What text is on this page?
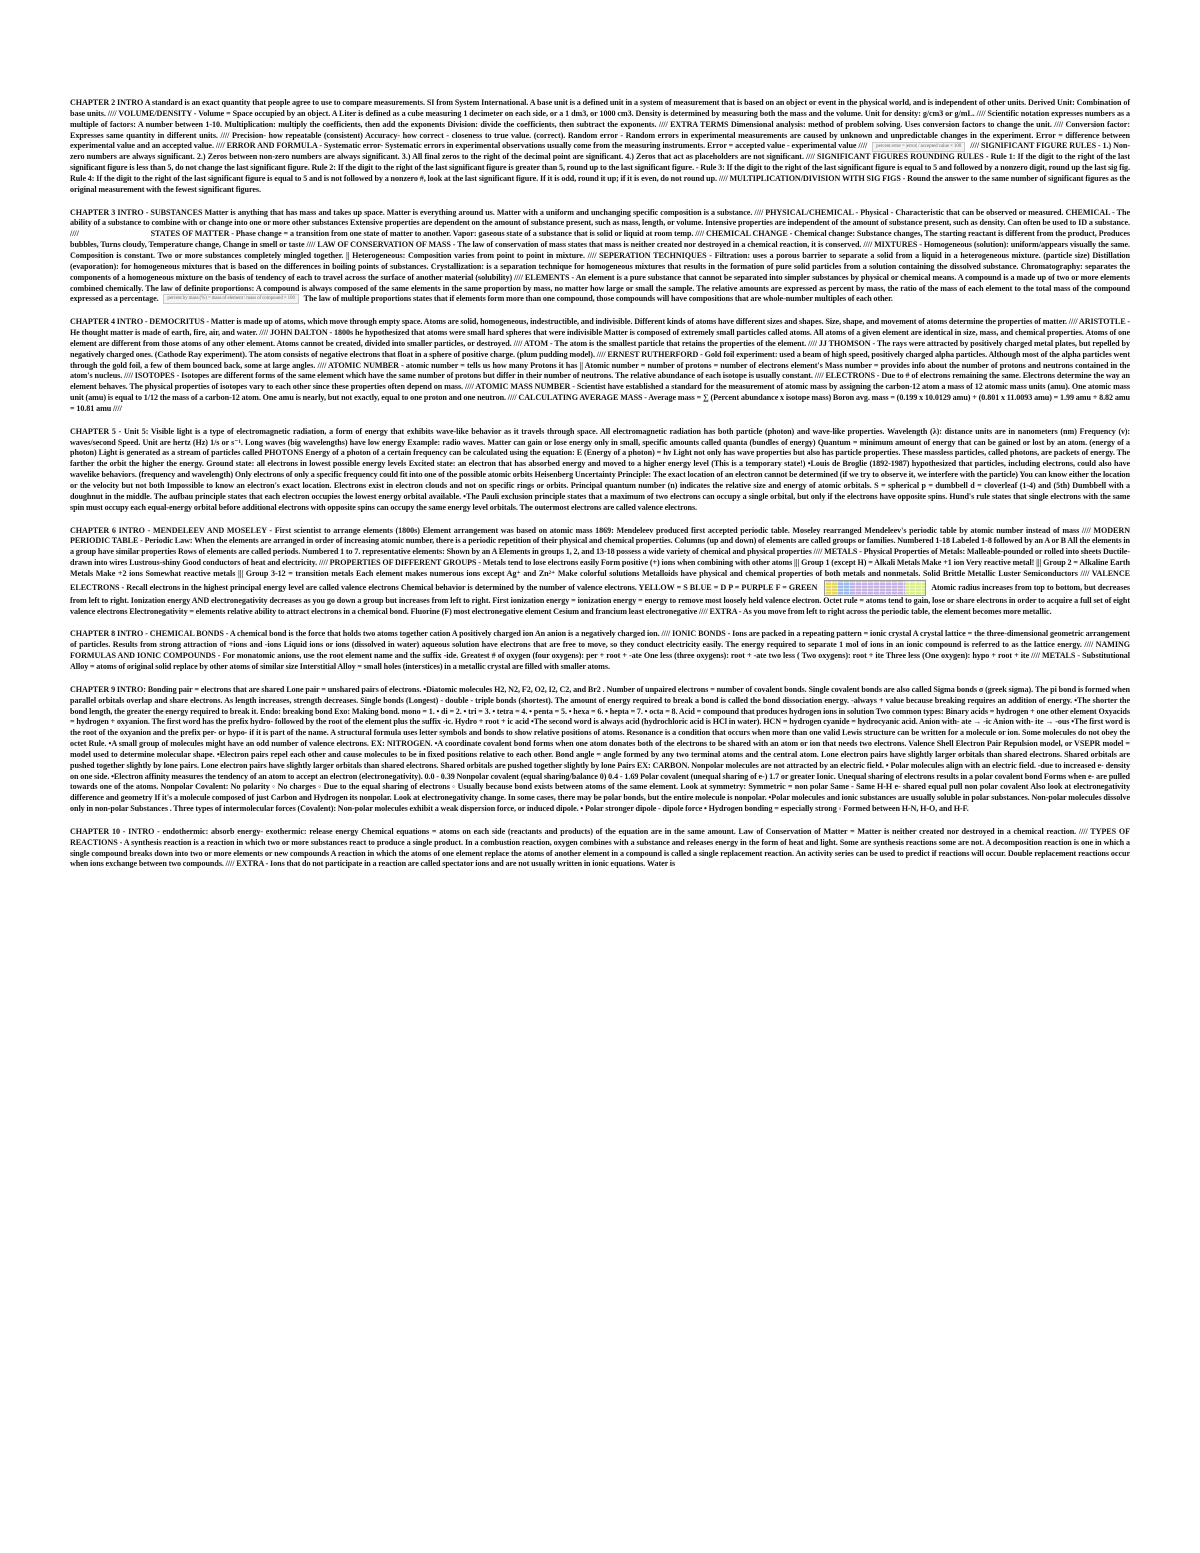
CHAPTER 2 INTRO A standard is an exact quantity that people agree to use to compare measurements. SI from System International. A base unit is a defined unit in a system of measurement that is based on an object or event in the physical world, and is independent of other units. Derived Unit: Combination of base units. //// VOLUME/DENSITY - Volume = Space occupied by an object. A Liter is defined as a cube measuring 1 decimeter on each side, or a 1 dm3, or 1000 cm3. Density is determined by measuring both the mass and the volume. Unit for density: g/cm3 or g/mL. //// Scientific notation expresses numbers as a multiple of factors: A number between 1-10. Multiplication: multiply the coefficients, then add the exponents Division: divide the coefficients, then subtract the exponents. //// EXTRA TERMS Dimensional analysis: method of problem solving. Uses conversion factors to change the unit. //// Conversion factor: Expresses same quantity in different units. //// Precision- how repeatable (consistent) Accuracy- how correct - closeness to true value. (correct). Random error - Random errors in experimental measurements are caused by unknown and unpredictable changes in the experiment. Error = difference between experimental value and an accepted value. //// ERROR AND FORMULA - Systematic error- Systematic errors in experimental observations usually come from the measuring instruments. Error = accepted value - experimental value //// percent error = |error| / accepted value × 100 //// SIGNIFICANT FIGURE RULES - 1.) Non-zero numbers are always significant. 2.) Zeros between non-zero numbers are always significant. 3.) All final zeros to the right of the decimal point are significant. 4.) Zeros that act as placeholders are not significant. //// SIGNIFICANT FIGURES ROUNDING RULES - Rule 1: If the digit to the right of the last significant figure is less than 5, do not change the last significant figure. Rule 2: If the digit to the right of the last significant figure is greater than 5, round up to the last significant figure. - Rule 3: If the digit to the right of the last significant figure is equal to 5 and followed by a nonzero digit, round up the last sig fig. Rule 4: If the digit to the right of the last significant figure is equal to 5 and is not followed by a nonzero #, look at the last significant figure. If it is odd, round it up; if it is even, do not round up. //// MULTIPLICATION/DIVISION WITH SIG FIGS - Round the answer to the same number of significant figures as the original measurement with the fewest significant figures.

CHAPTER 3 INTRO - SUBSTANCES Matter is anything that has mass and takes up space. Matter is everything around us. Matter with a uniform and unchanging specific composition is a substance. //// PHYSICAL/CHEMICAL - Physical - Characteristic that can be observed or measured. CHEMICAL - The ability of a substance to combine with or change into one or more other substances Extensive properties are dependent on the amount of substance present, such as mass, length, or volume. Intensive properties are independent of the amount of substance present, such as density. Can often be used to ID a substance. ////	STATES OF MATTER - Phase change = a transition from one state of matter to another. Vapor: gaseous state of a substance that is solid or liquid at room temp. //// CHEMICAL CHANGE - Chemical change: Substance changes, The starting reactant is different from the product, Produces bubbles, Turns cloudy, Temperature change, Change in smell or taste //// LAW OF CONSERVATION OF MASS - The law of conservation of mass states that mass is neither created nor destroyed in a chemical reaction, it is conserved. //// MIXTURES - Homogeneous (solution): uniform/appears visually the same. Composition is constant. Two or more substances completely mingled together. || Heterogeneous: Composition varies from point to point in mixture. //// SEPERATION TECHNIQUES - Filtration: uses a porous barrier to separate a solid from a liquid in a heterogeneous mixture. (particle size) Distillation (evaporation): for homogeneous mixtures that is based on the differences in boiling points of substances. Crystallization: is a separation technique for homogeneous mixtures that results in the formation of pure solid particles from a solution containing the dissolved substance. Chromatography: separates the components of a homogeneous mixture on the basis of tendency of each to travel across the surface of another material (solubility) //// ELEMENTS - An element is a pure substance that cannot be separated into simpler substances by physical or chemical means. A compound is a made up of two or more elements combined chemically. The law of definite proportions: A compound is always composed of the same elements in the same proportion by mass, no matter how large or small the sample. The relative amounts are expressed as percent by mass, the ratio of the mass of each element to the total mass of the compound expressed as a percentage. percent by mass (%) = mass of element / mass of compound × 100 The law of multiple proportions states that if elements form more than one compound, those compounds will have compositions that are whole-number multiples of each other.

CHAPTER 4 INTRO - DEMOCRITUS - Matter is made up of atoms, which move through empty space. Atoms are solid, homogeneous, indestructible, and indivisible. Different kinds of atoms have different sizes and shapes. Size, shape, and movement of atoms determine the properties of matter. //// ARISTOTLE - He thought matter is made of earth, fire, air, and water. //// JOHN DALTON - 1800s he hypothesized that atoms were small hard spheres that were indivisible Matter is composed of extremely small particles called atoms. All atoms of a given element are identical in size, mass, and chemical properties. Atoms of one element are different from those atoms of any other element. Atoms cannot be created, divided into smaller particles, or destroyed. //// ATOM - The atom is the smallest particle that retains the properties of the element. //// JJ THOMSON - The rays were attracted by positively charged metal plates, but repelled by negatively charged ones. (Cathode Ray experiment). The atom consists of negative electrons that float in a sphere of positive charge. (plum pudding model). //// ERNEST RUTHERFORD - Gold foil experiment: used a beam of high speed, positively charged alpha particles. Although most of the alpha particles went through the gold foil, a few of them bounced back, some at large angles. //// ATOMIC NUMBER - atomic number = tells us how many Protons it has || Atomic number = number of protons = number of electrons element's Mass number = provides info about the number of protons and neutrons contained in the atom's nucleus. //// ISOTOPES - Isotopes are different forms of the same element which have the same number of protons but differ in their number of neutrons. The relative abundance of each isotope is usually constant. //// ELECTRONS - Due to # of electrons remaining the same. Electrons determine the way an element behaves. The physical properties of isotopes vary to each other since these properties often depend on mass. //// ATOMIC MASS NUMBER - Scientist have established a standard for the measurement of atomic mass by assigning the carbon-12 atom a mass of 12 atomic mass units (amu). One atomic mass unit (amu) is equal to 1/12 the mass of a carbon-12 atom. One amu is nearly, but not exactly, equal to one proton and one neutron. //// CALCULATING AVERAGE MASS - Average mass = ∑ (Percent abundance x isotope mass) Boron avg. mass = (0.199 x 10.0129 amu) + (0.801 x 11.0093 amu) = 1.99 amu + 8.82 amu = 10.81 amu ////

CHAPTER 5 - Unit 5: Visible light is a type of electromagnetic radiation, a form of energy that exhibits wave-like behavior as it travels through space. All electromagnetic radiation has both particle (photon) and wave-like properties. Wavelength (λ): distance units are in nanometers (nm) Frequency (ν): waves/second Speed. Unit are hertz (Hz) 1/s or s⁻¹. Long waves (big wavelengths) have low energy Example: radio waves. Matter can gain or lose energy only in small, specific amounts called quanta (bundles of energy) Quantum = minimum amount of energy that can be gained or lost by an atom. (energy of a photon) Light is generated as a stream of particles called PHOTONS Energy of a photon of a certain frequency can be calculated using the equation: E (Energy of a photon) = hν Light not only has wave properties but also has particle properties. These massless particles, called photons, are packets of energy. The farther the orbit the higher the energy. Ground state: all electrons in lowest possible energy levels Excited state: an electron that has absorbed energy and moved to a higher energy level (This is a temporary state!) •Louis de Broglie (1892-1987) hypothesized that particles, including electrons, could also have wavelike behaviors. (frequency and wavelength) Only electrons of only a specific frequency could fit into one of the possible atomic orbits Heisenberg Uncertainty Principle: The exact location of an electron cannot be determined (if we try to observe it, we interfere with the particle) You can know either the location or the velocity but not both Impossible to know an electron's exact location. Electrons exist in electron clouds and not on specific rings or orbits. Principal quantum number (n) indicates the relative size and energy of atomic orbitals. S = spherical p = dumbbell d = cloverleaf (1-4) and (5th) Dumbbell with a doughnut in the middle. The aufbau principle states that each electron occupies the lowest energy orbital available. •The Pauli exclusion principle states that a maximum of two electrons can occupy a single orbital, but only if the electrons have opposite spins. Hund's rule states that single electrons with the same spin must occupy each equal-energy orbital before additional electrons with opposite spins can occupy the same energy level orbitals. The outermost electrons are called valence electrons.

CHAPTER 6 INTRO - MENDELEEV AND MOSELEY - First scientist to arrange elements (1800s) Element arrangement was based on atomic mass 1869: Mendeleev produced first accepted periodic table. Moseley rearranged Mendeleev's periodic table by atomic number instead of mass //// MODERN PERIODIC TABLE - Periodic Law: When the elements are arranged in order of increasing atomic number, there is a periodic repetition of their physical and chemical properties. Columns (up and down) of elements are called groups or families. Numbered 1-18 Labeled 1-8 followed by an A or B All the elements in a group have similar properties Rows of elements are called periods. Numbered 1 to 7. representative elements: Shown by an A Elements in groups 1, 2, and 13-18 possess a wide variety of chemical and physical properties //// METALS - Physical Properties of Metals: Malleable-pounded or rolled into sheets Ductile-drawn into wires Lustrous-shiny Good conductors of heat and electricity. //// PROPERTIES OF DIFFERENT GROUPS - Metals tend to lose electrons easily Form positive (+) ions when combining with other atoms ||| Group 1 (except H) = Alkali Metals Make +1 ion Very reactive metal! ||| Group 2 = Alkaline Earth Metals Make +2 ions Somewhat reactive metals ||| Group 3-12 = transition metals Each element makes numerous ions except Ag⁺ and Zn²⁺ Make colorful solutions Metalloids have physical and chemical properties of both metals and nonmetals. Solid Brittle Metallic Luster Semiconductors //// VALENCE ELECTRONS - Recall electrons in the highest principal energy level are called valence electrons Chemical behavior is determined by the number of valence electrons. YELLOW = S BLUE = D P = PURPLE F = GREEN	Atomic radius increases from top to bottom, but decreases from left to right. Ionization energy AND electronegativity decreases as you go down a group but increases from left to right. First ionization energy = ionization energy = energy to remove most loosely held valence electron. Octet rule = atoms tend to gain, lose or share electrons in order to acquire a full set of eight valence electrons Electronegativity = elements relative ability to attract electrons in a chemical bond. Fluorine (F) most electronegative element Cesium and francium least electronegative //// EXTRA - As you move from left to right across the periodic table, the element becomes more metallic.

CHAPTER 8 INTRO - CHEMICAL BONDS - A chemical bond is the force that holds two atoms together cation A positively charged ion An anion is a negatively charged ion. //// IONIC BONDS - Ions are packed in a repeating pattern = ionic crystal A crystal lattice = the three-dimensional geometric arrangement of particles. Results from strong attraction of +ions and -ions Liquid ions or ions (dissolved in water) aqueous solution have electrons that are free to move, so they conduct electricity easily. The energy required to separate 1 mol of ions in an ionic compound is referred to as the lattice energy. //// NAMING FORMULAS AND IONIC COMPOUNDS - For monatomic anions, use the root element name and the suffix -ide. Greatest # of oxygen (four oxygens): per + root + -ate One less (three oxygens): root + -ate two less ( Two oxygens): root + ite Three less (One oxygen): hypo + root + ite //// METALS - Substitutional Alloy = atoms of original solid replace by other atoms of similar size Interstitial Alloy = small holes (interstices) in a metallic crystal are filled with smaller atoms.

CHAPTER 9 INTRO: Bonding pair = electrons that are shared Lone pair = unshared pairs of electrons. •Diatomic molecules H2, N2, F2, O2, I2, C2, and Br2 . Number of unpaired electrons = number of covalent bonds. Single covalent bonds are also called Sigma bonds σ (greek sigma). The pi bond is formed when parallel orbitals overlap and share electrons. As length increases, strength decreases. Single bonds (Longest) - double - triple bonds (shortest). The amount of energy required to break a bond is called the bond dissociation energy. -always + value because breaking requires an addition of energy. •The shorter the bond length, the greater the energy required to break it. Endo: breaking bond Exo: Making bond. mono = 1. • di = 2. • tri = 3. • tetra = 4. • penta = 5. • hexa = 6. • hepta = 7. • octa = 8. Acid = compound that produces hydrogen ions in solution Two common types: Binary acids = hydrogen + one other element Oxyacids = hydrogen + oxyanion. The first word has the prefix hydro- followed by the root of the element plus the suffix -ic. Hydro + root + ic acid •The second word is always acid (hydrochloric acid is HCl in water). HCN = hydrogen cyanide = hydrocyanic acid. Anion with- ate → -ic Anion with- ite → -ous •The first word is the root of the oxyanion and the prefix per- or hypo- if it is part of the name. A structural formula uses letter symbols and bonds to show relative positions of atoms. Resonance is a condition that occurs when more than one valid Lewis structure can be written for a molecule or ion. Some molecules do not obey the octet Rule. •A small group of molecules might have an odd number of valence electrons. EX: NITROGEN. •A coordinate covalent bond forms when one atom donates both of the electrons to be shared with an atom or ion that needs two electrons. Valence Shell Electron Pair Repulsion model, or VSEPR model = model used to determine molecular shape. •Electron pairs repel each other and cause molecules to be in fixed positions relative to each other. Bond angle = angle formed by any two terminal atoms and the central atom. Lone electron pairs have slightly larger orbitals than shared electrons. Shared orbitals are pushed together slightly by lone pairs. Lone electron pairs have slightly larger orbitals than shared electrons. Shared orbitals are pushed together slightly by lone Pairs EX: CARBON. Nonpolar molecules are not attracted by an electric field. • Polar molecules align with an electric field. -due to increased e- density on one side. •Electron affinity measures the tendency of an atom to accept an electron (electronegativity). 0.0 - 0.39 Nonpolar covalent (equal sharing/balance 0) 0.4 - 1.69 Polar covalent (unequal sharing of e-) 1.7 or greater Ionic. Unequal sharing of electrons results in a polar covalent bond Forms when e- are pulled towards one of the atoms. Nonpolar Covalent: No polarity ◦ No charges ◦ Due to the equal sharing of electrons ◦ Usually because bond exists between atoms of the same element. Look at symmetry: Symmetric = non polar Same - Same H-H e- shared equal pull non polar covalent Also look at electronegativity difference and geometry If it's a molecule composed of just Carbon and Hydrogen its nonpolar. Look at electronegativity change. In some cases, there may be polar bonds, but the entire molecule is nonpolar. •Polar molecules and ionic substances are usually soluble in polar substances. Non-polar molecules dissolve only in non-polar Substances . Three types of intermolecular forces (Covalent): Non-polar molecules exhibit a weak dispersion force, or induced dipole. • Polar stronger dipole - dipole force • Hydrogen bonding = especially strong ◦ Formed between H-N, H-O, and H-F.

CHAPTER 10 - INTRO - endothermic: absorb energy- exothermic: release energy Chemical equations = atoms on each side (reactants and products) of the equation are in the same amount. Law of Conservation of Matter = Matter is neither created nor destroyed in a chemical reaction. //// TYPES OF REACTIONS - A synthesis reaction is a reaction in which two or more substances react to produce a single product. In a combustion reaction, oxygen combines with a substance and releases energy in the form of heat and light. Some are synthesis reactions some are not. A decomposition reaction is one in which a single compound breaks down into two or more elements or new compounds A reaction in which the atoms of one element replace the atoms of another element in a compound is called a single replacement reaction. An activity series can be used to predict if reactions will occur. Double replacement reactions occur when ions exchange between two compounds. //// EXTRA - Ions that do not participate in a reaction are called spectator ions and are not usually written in ionic equations. Water is
